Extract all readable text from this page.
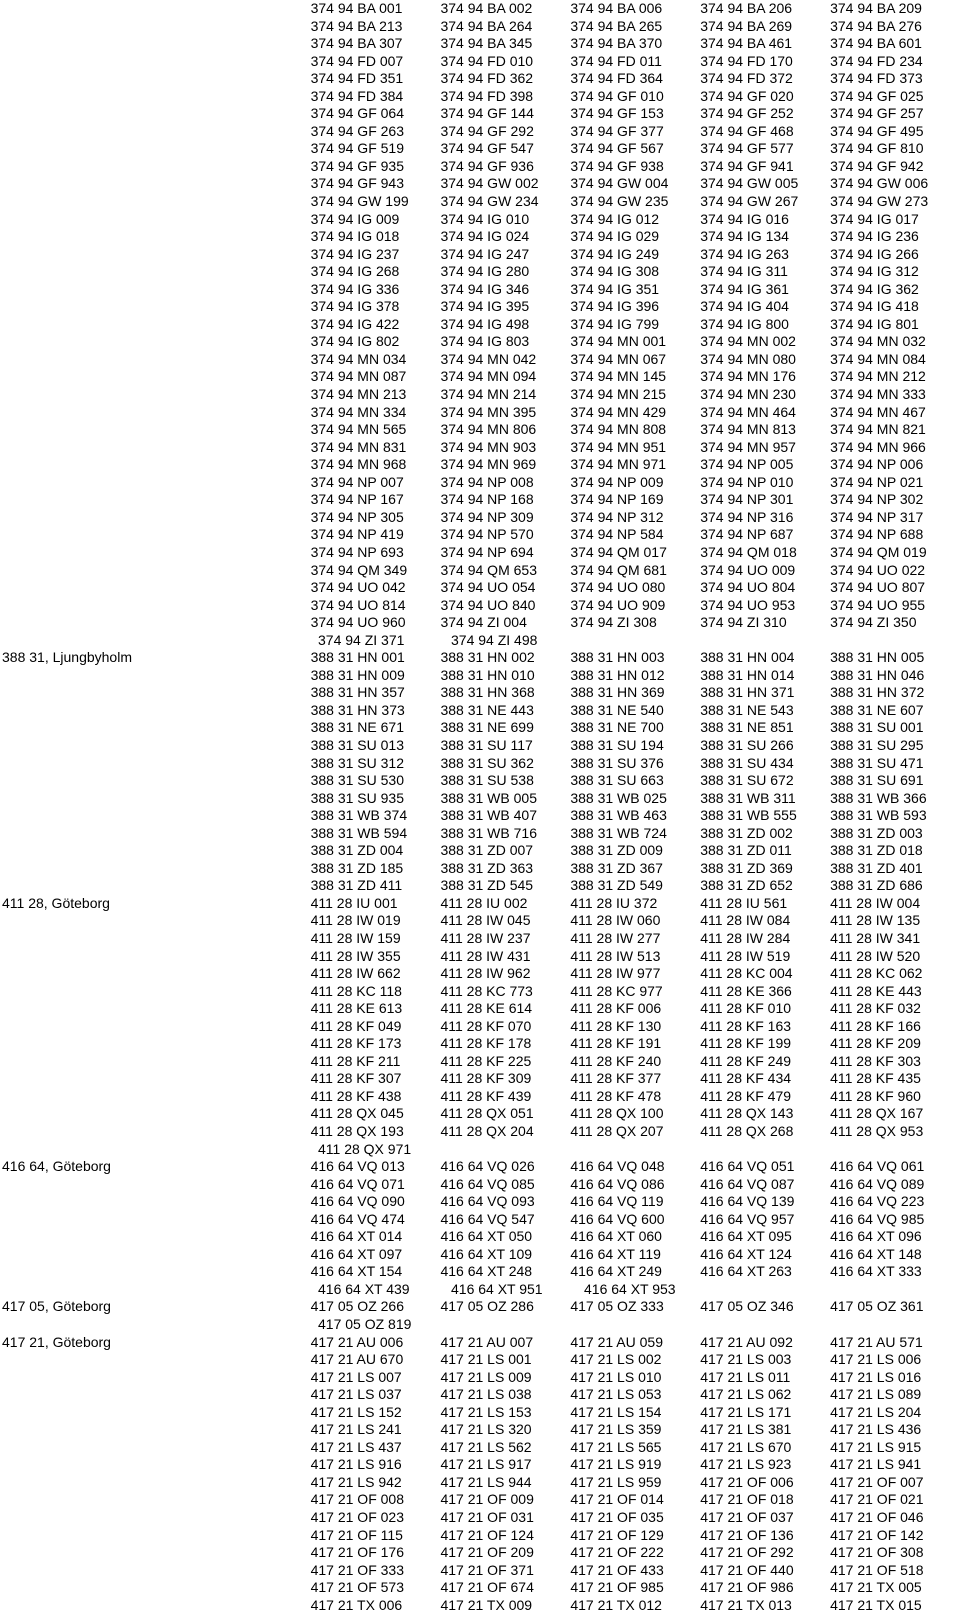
374 94 BA 001	374 94 BA 002	374 94 BA 006	374 94 BA 206	374 94 BA 209
374 94 BA 213	374 94 BA 264	374 94 BA 265	374 94 BA 269	374 94 BA 276
374 94 BA 307	374 94 BA 345	374 94 BA 370	374 94 BA 461	374 94 BA 601
374 94 FD 007	374 94 FD 010	374 94 FD 011	374 94 FD 170	374 94 FD 234
374 94 FD 351	374 94 FD 362	374 94 FD 364	374 94 FD 372	374 94 FD 373
374 94 FD 384	374 94 FD 398	374 94 GF 010	374 94 GF 020	374 94 GF 025
374 94 GF 064	374 94 GF 144	374 94 GF 153	374 94 GF 252	374 94 GF 257
374 94 GF 263	374 94 GF 292	374 94 GF 377	374 94 GF 468	374 94 GF 495
374 94 GF 519	374 94 GF 547	374 94 GF 567	374 94 GF 577	374 94 GF 810
374 94 GF 935	374 94 GF 936	374 94 GF 938	374 94 GF 941	374 94 GF 942
374 94 GF 943	374 94 GW 002	374 94 GW 004	374 94 GW 005	374 94 GW 006
374 94 GW 199	374 94 GW 234	374 94 GW 235	374 94 GW 267	374 94 GW 273
374 94 IG 009	374 94 IG 010	374 94 IG 012	374 94 IG 016	374 94 IG 017
374 94 IG 018	374 94 IG 024	374 94 IG 029	374 94 IG 134	374 94 IG 236
374 94 IG 237	374 94 IG 247	374 94 IG 249	374 94 IG 263	374 94 IG 266
374 94 IG 268	374 94 IG 280	374 94 IG 308	374 94 IG 311	374 94 IG 312
374 94 IG 336	374 94 IG 346	374 94 IG 351	374 94 IG 361	374 94 IG 362
374 94 IG 378	374 94 IG 395	374 94 IG 396	374 94 IG 404	374 94 IG 418
374 94 IG 422	374 94 IG 498	374 94 IG 799	374 94 IG 800	374 94 IG 801
374 94 IG 802	374 94 IG 803	374 94 MN 001	374 94 MN 002	374 94 MN 032
374 94 MN 034	374 94 MN 042	374 94 MN 067	374 94 MN 080	374 94 MN 084
374 94 MN 087	374 94 MN 094	374 94 MN 145	374 94 MN 176	374 94 MN 212
374 94 MN 213	374 94 MN 214	374 94 MN 215	374 94 MN 230	374 94 MN 333
374 94 MN 334	374 94 MN 395	374 94 MN 429	374 94 MN 464	374 94 MN 467
374 94 MN 565	374 94 MN 806	374 94 MN 808	374 94 MN 813	374 94 MN 821
374 94 MN 831	374 94 MN 903	374 94 MN 951	374 94 MN 957	374 94 MN 966
374 94 MN 968	374 94 MN 969	374 94 MN 971	374 94 NP 005	374 94 NP 006
374 94 NP 007	374 94 NP 008	374 94 NP 009	374 94 NP 010	374 94 NP 021
374 94 NP 167	374 94 NP 168	374 94 NP 169	374 94 NP 301	374 94 NP 302
374 94 NP 305	374 94 NP 309	374 94 NP 312	374 94 NP 316	374 94 NP 317
374 94 NP 419	374 94 NP 570	374 94 NP 584	374 94 NP 687	374 94 NP 688
374 94 NP 693	374 94 NP 694	374 94 QM 017	374 94 QM 018	374 94 QM 019
374 94 QM 349	374 94 QM 653	374 94 QM 681	374 94 UO 009	374 94 UO 022
374 94 UO 042	374 94 UO 054	374 94 UO 080	374 94 UO 804	374 94 UO 807
374 94 UO 814	374 94 UO 840	374 94 UO 909	374 94 UO 953	374 94 UO 955
374 94 UO 960	374 94 ZI 004	374 94 ZI 308	374 94 ZI 310	374 94 ZI 350
374 94 ZI 371	374 94 ZI 498
388 31, Ljungbyholm	388 31 HN 001	388 31 HN 002	388 31 HN 003	388 31 HN 004	388 31 HN 005
388 31 HN 009	388 31 HN 010	388 31 HN 012	388 31 HN 014	388 31 HN 046
388 31 HN 357	388 31 HN 368	388 31 HN 369	388 31 HN 371	388 31 HN 372
388 31 HN 373	388 31 NE 443	388 31 NE 540	388 31 NE 543	388 31 NE 607
388 31 NE 671	388 31 NE 699	388 31 NE 700	388 31 NE 851	388 31 SU 001
388 31 SU 013	388 31 SU 117	388 31 SU 194	388 31 SU 266	388 31 SU 295
388 31 SU 312	388 31 SU 362	388 31 SU 376	388 31 SU 434	388 31 SU 471
388 31 SU 530	388 31 SU 538	388 31 SU 663	388 31 SU 672	388 31 SU 691
388 31 SU 935	388 31 WB 005	388 31 WB 025	388 31 WB 311	388 31 WB 366
388 31 WB 374	388 31 WB 407	388 31 WB 463	388 31 WB 555	388 31 WB 593
388 31 WB 594	388 31 WB 716	388 31 WB 724	388 31 ZD 002	388 31 ZD 003
388 31 ZD 004	388 31 ZD 007	388 31 ZD 009	388 31 ZD 011	388 31 ZD 018
388 31 ZD 185	388 31 ZD 363	388 31 ZD 367	388 31 ZD 369	388 31 ZD 401
388 31 ZD 411	388 31 ZD 545	388 31 ZD 549	388 31 ZD 652	388 31 ZD 686
411 28, Göteborg	411 28 IU 001	411 28 IU 002	411 28 IU 372	411 28 IU 561	411 28 IW 004
411 28 IW 019	411 28 IW 045	411 28 IW 060	411 28 IW 084	411 28 IW 135
411 28 IW 159	411 28 IW 237	411 28 IW 277	411 28 IW 284	411 28 IW 341
411 28 IW 355	411 28 IW 431	411 28 IW 513	411 28 IW 519	411 28 IW 520
411 28 IW 662	411 28 IW 962	411 28 IW 977	411 28 KC 004	411 28 KC 062
411 28 KC 118	411 28 KC 773	411 28 KC 977	411 28 KE 366	411 28 KE 443
411 28 KE 613	411 28 KE 614	411 28 KF 006	411 28 KF 010	411 28 KF 032
411 28 KF 049	411 28 KF 070	411 28 KF 130	411 28 KF 163	411 28 KF 166
411 28 KF 173	411 28 KF 178	411 28 KF 191	411 28 KF 199	411 28 KF 209
411 28 KF 211	411 28 KF 225	411 28 KF 240	411 28 KF 249	411 28 KF 303
411 28 KF 307	411 28 KF 309	411 28 KF 377	411 28 KF 434	411 28 KF 435
411 28 KF 438	411 28 KF 439	411 28 KF 478	411 28 KF 479	411 28 KF 960
411 28 QX 045	411 28 QX 051	411 28 QX 100	411 28 QX 143	411 28 QX 167
411 28 QX 193	411 28 QX 204	411 28 QX 207	411 28 QX 268	411 28 QX 953
411 28 QX 971
416 64, Göteborg	416 64 VQ 013	416 64 VQ 026	416 64 VQ 048	416 64 VQ 051	416 64 VQ 061
416 64 VQ 071	416 64 VQ 085	416 64 VQ 086	416 64 VQ 087	416 64 VQ 089
416 64 VQ 090	416 64 VQ 093	416 64 VQ 119	416 64 VQ 139	416 64 VQ 223
416 64 VQ 474	416 64 VQ 547	416 64 VQ 600	416 64 VQ 957	416 64 VQ 985
416 64 XT 014	416 64 XT 050	416 64 XT 060	416 64 XT 095	416 64 XT 096
416 64 XT 097	416 64 XT 109	416 64 XT 119	416 64 XT 124	416 64 XT 148
416 64 XT 154	416 64 XT 248	416 64 XT 249	416 64 XT 263	416 64 XT 333
416 64 XT 439	416 64 XT 951	416 64 XT 953
417 05, Göteborg	417 05 OZ 266	417 05 OZ 286	417 05 OZ 333	417 05 OZ 346	417 05 OZ 361
417 05 OZ 819
417 21, Göteborg	417 21 AU 006	417 21 AU 007	417 21 AU 059	417 21 AU 092	417 21 AU 571
417 21 AU 670	417 21 LS 001	417 21 LS 002	417 21 LS 003	417 21 LS 006
417 21 LS 007	417 21 LS 009	417 21 LS 010	417 21 LS 011	417 21 LS 016
417 21 LS 037	417 21 LS 038	417 21 LS 053	417 21 LS 062	417 21 LS 089
417 21 LS 152	417 21 LS 153	417 21 LS 154	417 21 LS 171	417 21 LS 204
417 21 LS 241	417 21 LS 320	417 21 LS 359	417 21 LS 381	417 21 LS 436
417 21 LS 437	417 21 LS 562	417 21 LS 565	417 21 LS 670	417 21 LS 915
417 21 LS 916	417 21 LS 917	417 21 LS 919	417 21 LS 923	417 21 LS 941
417 21 LS 942	417 21 LS 944	417 21 LS 959	417 21 OF 006	417 21 OF 007
417 21 OF 008	417 21 OF 009	417 21 OF 014	417 21 OF 018	417 21 OF 021
417 21 OF 023	417 21 OF 031	417 21 OF 035	417 21 OF 037	417 21 OF 046
417 21 OF 115	417 21 OF 124	417 21 OF 129	417 21 OF 136	417 21 OF 142
417 21 OF 176	417 21 OF 209	417 21 OF 222	417 21 OF 292	417 21 OF 308
417 21 OF 333	417 21 OF 371	417 21 OF 433	417 21 OF 440	417 21 OF 518
417 21 OF 573	417 21 OF 674	417 21 OF 985	417 21 OF 986	417 21 TX 005
417 21 TX 006	417 21 TX 009	417 21 TX 012	417 21 TX 013	417 21 TX 015
